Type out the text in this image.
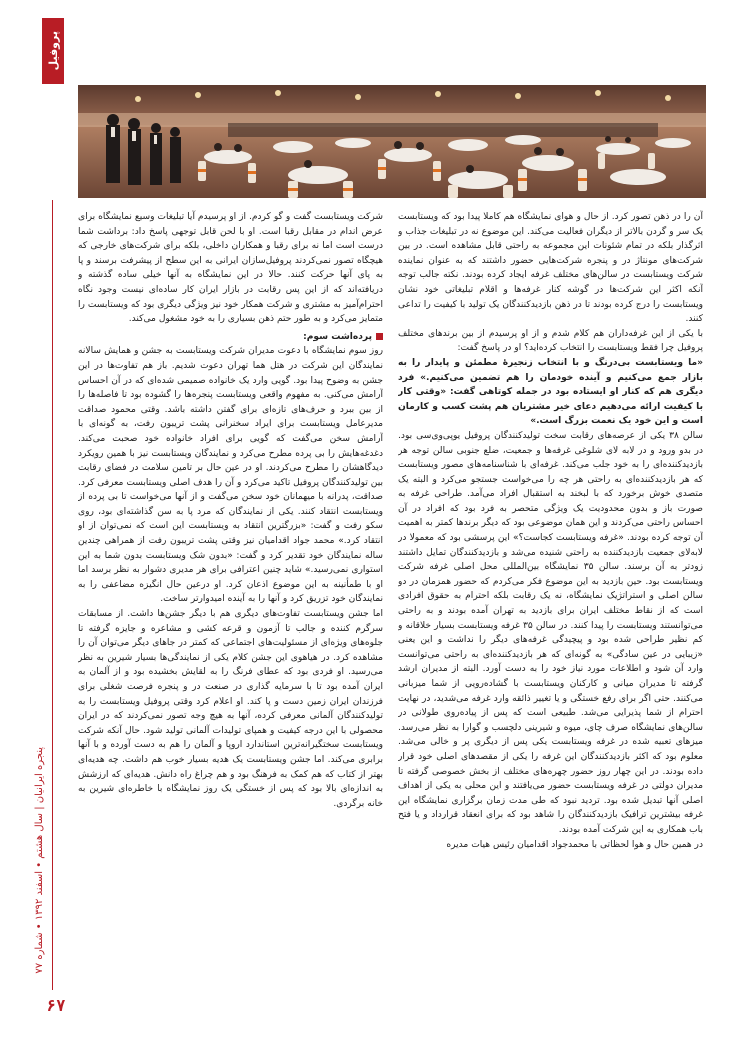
پروفیل
پنجره ایرانیان | سال هشتم • اسفند ۱۳۹۲ • شماره ۷۷
۶۷

آن را در ذهن تصور کرد. از حال و هوای نمایشگاه هم کاملا پیدا بود که ویستابست یک سر و گردن بالاتر از دیگران فعالیت می‌کند. این موضوع نه در تبلیغات جذاب و اثرگذار بلکه در تمام شئونات این مجموعه به راحتی قابل مشاهده است. در بین شرکت‌های مونتاژ در و پنجره شرکت‌هایی حضور داشتند که به عنوان نماینده شرکت ویستابست در سالن‌های مختلف غرفه ایجاد کرده بودند. نکته جالب توجه آنکه اکثر این شرکت‌ها در گوشه کنار غرفه‌ها و اقلام تبلیغاتی خود نشان ویستابست را درج کرده بودند تا در ذهن بازدیدکنندگان یک تولید با کیفیت را تداعی کنند.

با یکی از این غرفه‌داران هم کلام شدم و از او پرسیدم از بین برندهای مختلف پروفیل چرا فقط ویستابست را انتخاب کرده‌اید؟ او در پاسخ گفت:

«ما ویستابست بی‌درنگ و با انتخاب زنجیرهٔ مطمئن و پایدار را به بازار جمع می‌کنیم و آینده خودمان را هم تضمین می‌کنیم.» فرد دیگری هم که کنار او ایستاده بود در جمله کوتاهی گفت: «وقتی کار با کیفیت ارائه می‌دهیم دعای خیر مشتریان هم پشت کسب و کارمان است و این خود یک نعمت بزرگ است.»

سالن ۳۸ یکی از عرصه‌های رقابت سخت تولیدکنندگان پروفیل یوپی‌وی‌سی بود. در بدو ورود و در لابه لای شلوغی غرفه‌ها و جمعیت، ضلع جنوبی سالن توجه هر بازدیدکننده‌ای را به خود جلب می‌کند. غرفه‌ای با شناسنامه‌های مصور ویستابست که هر بازدیدکننده‌ای به راحتی هر چه را می‌خواست جستجو می‌کرد و البته یک متصدی خوش برخورد که با لبخند به استقبال افراد می‌آمد. طراحی غرفه به صورت باز و بدون محدودیت یک ویژگی متحصر به فرد بود که افراد در آن احساس راحتی می‌کردند و این همان موضوعی بود که دیگر برندها کمتر به اهمیت آن توجه کرده بودند. «غرفه ویستابست کجاست؟» این پرسشی بود که معمولا در لابه‌لای جمعیت بازدیدکننده به راحتی شنیده می‌شد و بازدیدکنندگان تمایل داشتند زودتر به آن برسند. سالن ۳۵ نمایشگاه بین‌المللی محل اصلی غرفه شرکت ویستابست بود. حین بازدید به این موضوع فکر می‌کردم که حضور همزمان در دو سالن اصلی و استراتژیک نمایشگاه، نه یک رقابت بلکه احترام به حقوق افرادی است که از نقاط مختلف ایران برای بازدید به تهران آمده بودند و به راحتی می‌توانستند ویستابست را پیدا کنند. در سالن ۳۵ غرفه ویستابست بسیار خلاقانه و کم نظیر طراحی شده بود و پیچیدگی غرفه‌های دیگر را نداشت و این یعنی «زیبایی در عین سادگی» به گونه‌ای که هر بازدیدکننده‌ای به راحتی می‌توانست وارد آن شود و اطلاعات مورد نیاز خود را به دست آورد. البته از مدیران ارشد گرفته تا مدیران میانی و کارکنان ویستابست با گشاده‌رویی از شما میزبانی می‌کنند. حتی اگر برای رفع خستگی و یا تغییر ذائقه وارد غرفه می‌شدید، در نهایت احترام از شما پذیرایی می‌شد. طبیعی است که پس از پیاده‌روی طولانی در سالن‌های نمایشگاه صرف چای، میوه و شیرینی دلچسب و گوارا به نظر می‌رسد. میزهای تعبیه شده در غرفه ویستابست یکی پس از دیگری پر و خالی می‌شد. معلوم بود که اکثر بازدیدکنندگان این غرفه را یکی از مقصدهای اصلی خود قرار داده بودند. در این چهار روز حضور چهره‌های مختلف از بخش خصوصی گرفته تا مدیران دولتی در غرفه ویستابست حضور می‌یافتند و این محلی به یکی از اهداف اصلی آنها تبدیل شده بود. تردید نبود که طی مدت زمان برگزاری نمایشگاه این غرفه بیشترین ترافیک بازدیدکنندگان را شاهد بود که برای انعقاد قرارداد و یا فتح باب همکاری به این شرکت آمده بودند.

در همین حال و هوا لحظاتی با محمدجواد اقدامیان رئیس هیات مدیره

شرکت ویستابست گفت و گو کردم. از او پرسیدم آیا تبلیغات وسیع نمایشگاه برای عرض اندام در مقابل رقبا است. او با لحن قابل توجهی پاسخ داد: برداشت شما درست است اما نه برای رقبا و همکاران داخلی، بلکه برای شرکت‌های خارجی که هیچگاه تصور نمی‌کردند پروفیل‌سازان ایرانی به این سطح از پیشرفت برسند و پا به پای آنها حرکت کنند. حالا در این نمایشگاه به آنها خیلی ساده گذشته و دریافته‌اند که از این پس رقابت در بازار ایران کار ساده‌ای نیست وجود نگاه احترام‌آمیز به مشتری و شرکت همکار خود نیز ویژگی دیگری بود که ویستابست را متمایز می‌کرد و به طور حتم ذهن بسیاری را به خود مشغول می‌کند.

پرده‌اشت سوم:

روز سوم نمایشگاه با دعوت مدیران شرکت ویستابست به جشن و همایش سالانه نمایندگان این شرکت در هتل هما تهران دعوت شدیم. باز هم تفاوت‌ها در این جشن به وضوح پیدا بود. گویی وارد یک خانواده صمیمی شده‌ای که در آن احساس آرامش می‌کنی. به مفهوم واقعی ویستابست پنجره‌ها را گشوده بود تا فاصله‌ها را از بین ببرد و حرف‌های تازه‌ای برای گفتن داشته باشد. وقتی محمود صداقت مدیرعامل ویستابست برای ایراد سخنرانی پشت تریبون رفت، به گونه‌ای با آرامش سخن می‌گفت که گویی برای افراد خانواده خود صحبت می‌کند. دغدغه‌هایش را بی پرده مطرح می‌کرد و نمایندگان ویستابست نیز با همین رویکرد دیدگاهشان را مطرح می‌کردند. او در عین حال بر تامین سلامت در فضای رقابت بین تولیدکنندگان پروفیل تاکید می‌کرد و آن را هدف اصلی ویستابست معرفی کرد. صداقت، پدرانه با میهمانان خود سخن می‌گفت و از آنها می‌خواست تا بی پرده از ویستابست انتقاد کنند. یکی از نمایندگان که مرد پا به سن گذاشته‌ای بود، روی سکو رفت و گفت: «بزرگترین انتقاد به ویستابست این است که نمی‌توان از او انتقاد کرد.» محمد جواد اقدامیان نیز وقتی پشت تریبون رفت از همراهی چندین ساله نمایندگان خود تقدیر کرد و گفت: «بدون شک ویستابست بدون شما به این استواری نمی‌رسید.» شاید چنین اعترافی برای هر مدیری دشوار به نظر برسد اما او با طمأنینه به این موضوع اذعان کرد. او درعین حال انگیزه مضاعفی را به نمایندگان خود تزریق کرد و آنها را به آینده امیدوارتر ساخت.

اما جشن ویستابست تفاوت‌های دیگری هم با دیگر جشن‌ها داشت. از مسابقات سرگرم کننده و جالب تا آزمون و قرعه کشی و مشاعره و جایزه گرفته تا جلوه‌های ویژه‌ای از مسئولیت‌های اجتماعی که کمتر در جاهای دیگر می‌توان آن را مشاهده کرد. در هیاهوی این جشن کلام یکی از نمایندگی‌ها بسیار شیرین به نظر می‌رسید. او فردی بود که عطای فرنگ را به لقایش بخشیده بود و از آلمان به ایران آمده بود تا با سرمایه گذاری در صنعت در و پنجره فرصت شغلی برای فرزندان ایران زمین دست و پا کند. او اعلام کرد وقتی پروفیل ویستابست را به تولیدکنندگان آلمانی معرفی کرده، آنها به هیچ وجه تصور نمی‌کردند که در ایران محصولی با این درجه کیفیت و همپای تولیدات آلمانی تولید شود. حال آنکه شرکت ویستابست سختگیرانه‌ترین استاندارد اروپا و آلمان را هم به دست آورده و با آنها برابری می‌کند. اما جشن ویستابست یک هدیه بسیار خوب هم داشت. چه هدیه‌ای بهتر از کتاب که هم کمک به فرهنگ بود و هم چراغ راه دانش. هدیه‌ای که ارزشش به اندازه‌ای بالا بود که پس از خستگی یک روز نمایشگاه با خاطره‌ای شیرین به خانه برگردی.
